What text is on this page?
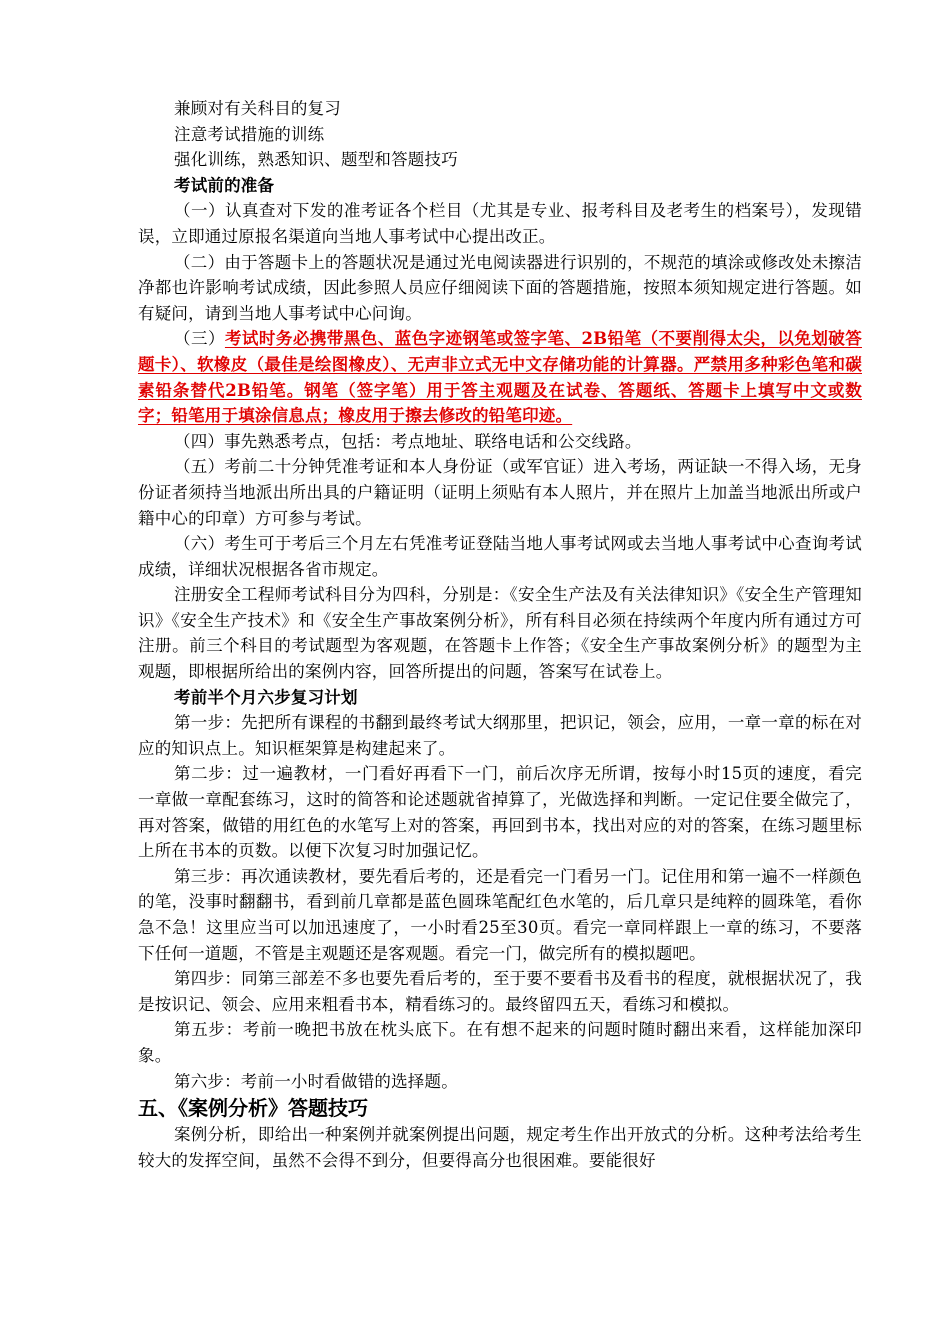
兼顾对有关科目的复习

注意考试措施的训练

强化训练，熟悉知识、题型和答题技巧

考试前的准备

（一）认真查对下发的准考证各个栏目（尤其是专业、报考科目及老考生的档案号），发现错误，立即通过原报名渠道向当地人事考试中心提出改正。

（二）由于答题卡上的答题状况是通过光电阅读器进行识别的，不规范的填涂或修改处未擦洁净都也许影响考试成绩，因此参照人员应仔细阅读下面的答题措施，按照本须知规定进行答题。如有疑问，请到当地人事考试中心问询。

（三）考试时务必携带黑色、蓝色字迹钢笔或签字笔、2B铅笔（不要削得太尖，以免划破答题卡）、软橡皮（最佳是绘图橡皮）、无声非立式无中文存储功能的计算器。严禁用多种彩色笔和碳素铅条替代2B铅笔。钢笔（签字笔）用于答主观题及在试卷、答题纸、答题卡上填写中文或数字；铅笔用于填涂信息点；橡皮用于擦去修改的铅笔印迹。

（四）事先熟悉考点，包括：考点地址、联络电话和公交线路。

（五）考前二十分钟凭准考证和本人身份证（或军官证）进入考场，两证缺一不得入场，无身份证者须持当地派出所出具的户籍证明（证明上须贴有本人照片，并在照片上加盖当地派出所或户籍中心的印章）方可参与考试。

（六）考生可于考后三个月左右凭准考证登陆当地人事考试网或去当地人事考试中心查询考试成绩，详细状况根据各省市规定。

注册安全工程师考试科目分为四科，分别是：《安全生产法及有关法律知识》《安全生产管理知识》《安全生产技术》和《安全生产事故案例分析》，所有科目必须在持续两个年度内所有通过方可注册。前三个科目的考试题型为客观题，在答题卡上作答；《安全生产事故案例分析》的题型为主观题，即根据所给出的案例内容，回答所提出的问题，答案写在试卷上。

考前半个月六步复习计划

第一步：先把所有课程的书翻到最终考试大纲那里，把识记，领会，应用，一章一章的标在对应的知识点上。知识框架算是构建起来了。

第二步：过一遍教材，一门看好再看下一门，前后次序无所谓，按每小时15页的速度，看完一章做一章配套练习，这时的简答和论述题就省掉算了，光做选择和判断。一定记住要全做完了，再对答案，做错的用红色的水笔写上对的答案，再回到书本，找出对应的对的答案，在练习题里标上所在书本的页数。以便下次复习时加强记忆。

第三步：再次通读教材，要先看后考的，还是看完一门看另一门。记住用和第一遍不一样颜色的笔，没事时翻翻书，看到前几章都是蓝色圆珠笔配红色水笔的，后几章只是纯粹的圆珠笔，看你急不急！这里应当可以加迅速度了，一小时看25至30页。看完一章同样跟上一章的练习，不要落下任何一道题，不管是主观题还是客观题。看完一门，做完所有的模拟题吧。

第四步：同第三部差不多也要先看后考的，至于要不要看书及看书的程度，就根据状况了，我是按识记、领会、应用来粗看书本，精看练习的。最终留四五天，看练习和模拟。

第五步：考前一晚把书放在枕头底下。在有想不起来的问题时随时翻出来看，这样能加深印象。

第六步：考前一小时看做错的选择题。

五、《案例分析》答题技巧

案例分析，即给出一种案例并就案例提出问题，规定考生作出开放式的分析。这种考法给考生较大的发挥空间，虽然不会得不到分，但要得高分也很困难。要能很好
